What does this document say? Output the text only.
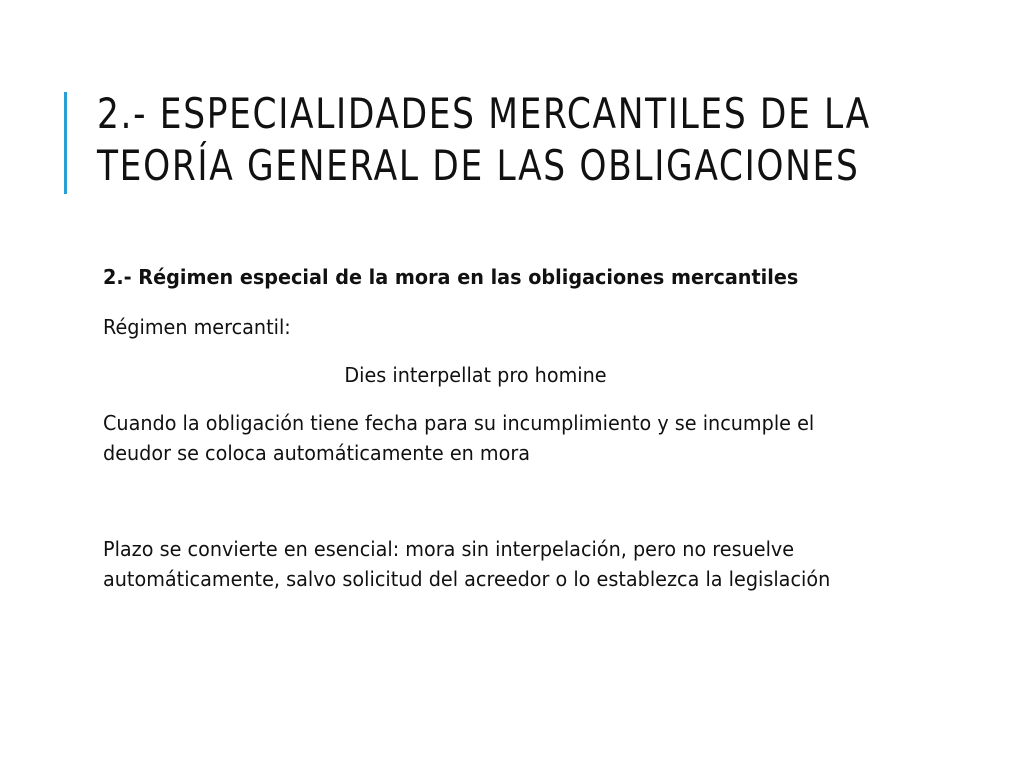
2.- ESPECIALIDADES MERCANTILES DE LA
TEORÍA GENERAL DE LAS OBLIGACIONES

2.- Régimen especial de la mora en las obligaciones mercantiles

Régimen mercantil:

Dies interpellat pro homine

Cuando la obligación tiene fecha para su incumplimiento y se incumple el deudor se coloca automáticamente en mora

Plazo se convierte en esencial: mora sin interpelación, pero no resuelve automáticamente, salvo solicitud del acreedor o lo establezca la legislación
